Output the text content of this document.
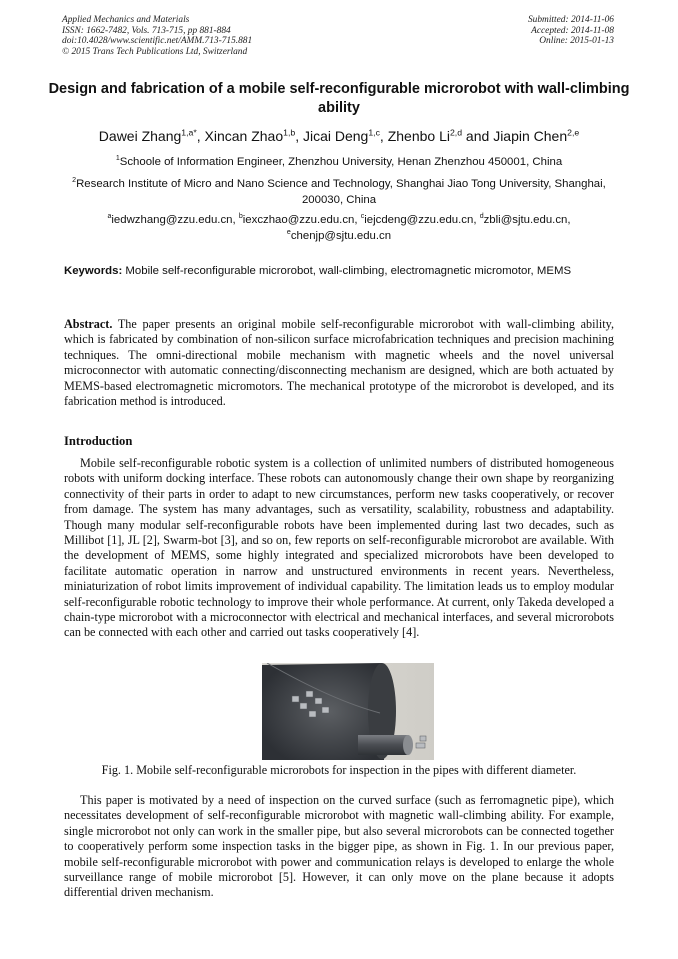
Applied Mechanics and Materials
ISSN: 1662-7482, Vols. 713-715, pp 881-884
doi:10.4028/www.scientific.net/AMM.713-715.881
© 2015 Trans Tech Publications Ltd, Switzerland
Submitted: 2014-11-06
Accepted: 2014-11-08
Online: 2015-01-13
Design and fabrication of a mobile self-reconfigurable microrobot with wall-climbing ability
Dawei Zhang$^{1,a*}$, Xincan Zhao$^{1,b}$, Jicai Deng$^{1,c}$, Zhenbo Li$^{2,d}$ and Jiapin Chen$^{2,e}$
$^1$Schoole of Information Engineer, Zhenzhou University, Henan Zhenzhou 450001, China
$^2$Research Institute of Micro and Nano Science and Technology, Shanghai Jiao Tong University, Shanghai, 200030, China
$^a$iedwzhang@zzu.edu.cn, $^b$iexczhao@zzu.edu.cn, $^c$iejcdeng@zzu.edu.cn, $^d$zbli@sjtu.edu.cn,
$^e$chenjp@sjtu.edu.cn
Keywords: Mobile self-reconfigurable microrobot, wall-climbing, electromagnetic micromotor, MEMS
Abstract. The paper presents an original mobile self-reconfigurable microrobot with wall-climbing ability, which is fabricated by combination of non-silicon surface microfabrication techniques and precision machining techniques. The omni-directional mobile mechanism with magnetic wheels and the novel universal microconnector with automatic connecting/disconnecting mechanism are designed, which are both actuated by MEMS-based electromagnetic micromotors. The mechanical prototype of the microrobot is developed, and its fabrication method is introduced.
Introduction
Mobile self-reconfigurable robotic system is a collection of unlimited numbers of distributed homogeneous robots with uniform docking interface. These robots can autonomously change their own shape by reorganizing connectivity of their parts in order to adapt to new circumstances, perform new tasks cooperatively, or recover from damage. The system has many advantages, such as versatility, scalability, robustness and adaptability. Though many modular self-reconfigurable robots have been implemented during last two decades, such as Millibot [1], JL [2], Swarm-bot [3], and so on, few reports on self-reconfigurable microrobot are available. With the development of MEMS, some highly integrated and specialized microrobots have been developed to facilitate automatic operation in narrow and unstructured environments in recent years. Nevertheless, miniaturization of robot limits improvement of individual capability. The limitation leads us to employ modular self-reconfigurable robotic technology to improve their whole performance. At current, only Takeda developed a chain-type microrobot with a microconnector with electrical and mechanical interfaces, and several microrobots can be connected with each other and carried out tasks cooperatively [4].
Fig. 1. Mobile self-reconfigurable microrobots for inspection in the pipes with different diameter.
This paper is motivated by a need of inspection on the curved surface (such as ferromagnetic pipe), which necessitates development of self-reconfigurable microrobot with magnetic wall-climbing ability. For example, single microrobot not only can work in the smaller pipe, but also several microrobots can be connected together to cooperatively perform some inspection tasks in the bigger pipe, as shown in Fig. 1. In our previous paper, mobile self-reconfigurable microrobot with power and communication relays is developed to enlarge the whole surveillance range of mobile microrobot [5]. However, it can only move on the plane because it adopts differential driven mechanism.
